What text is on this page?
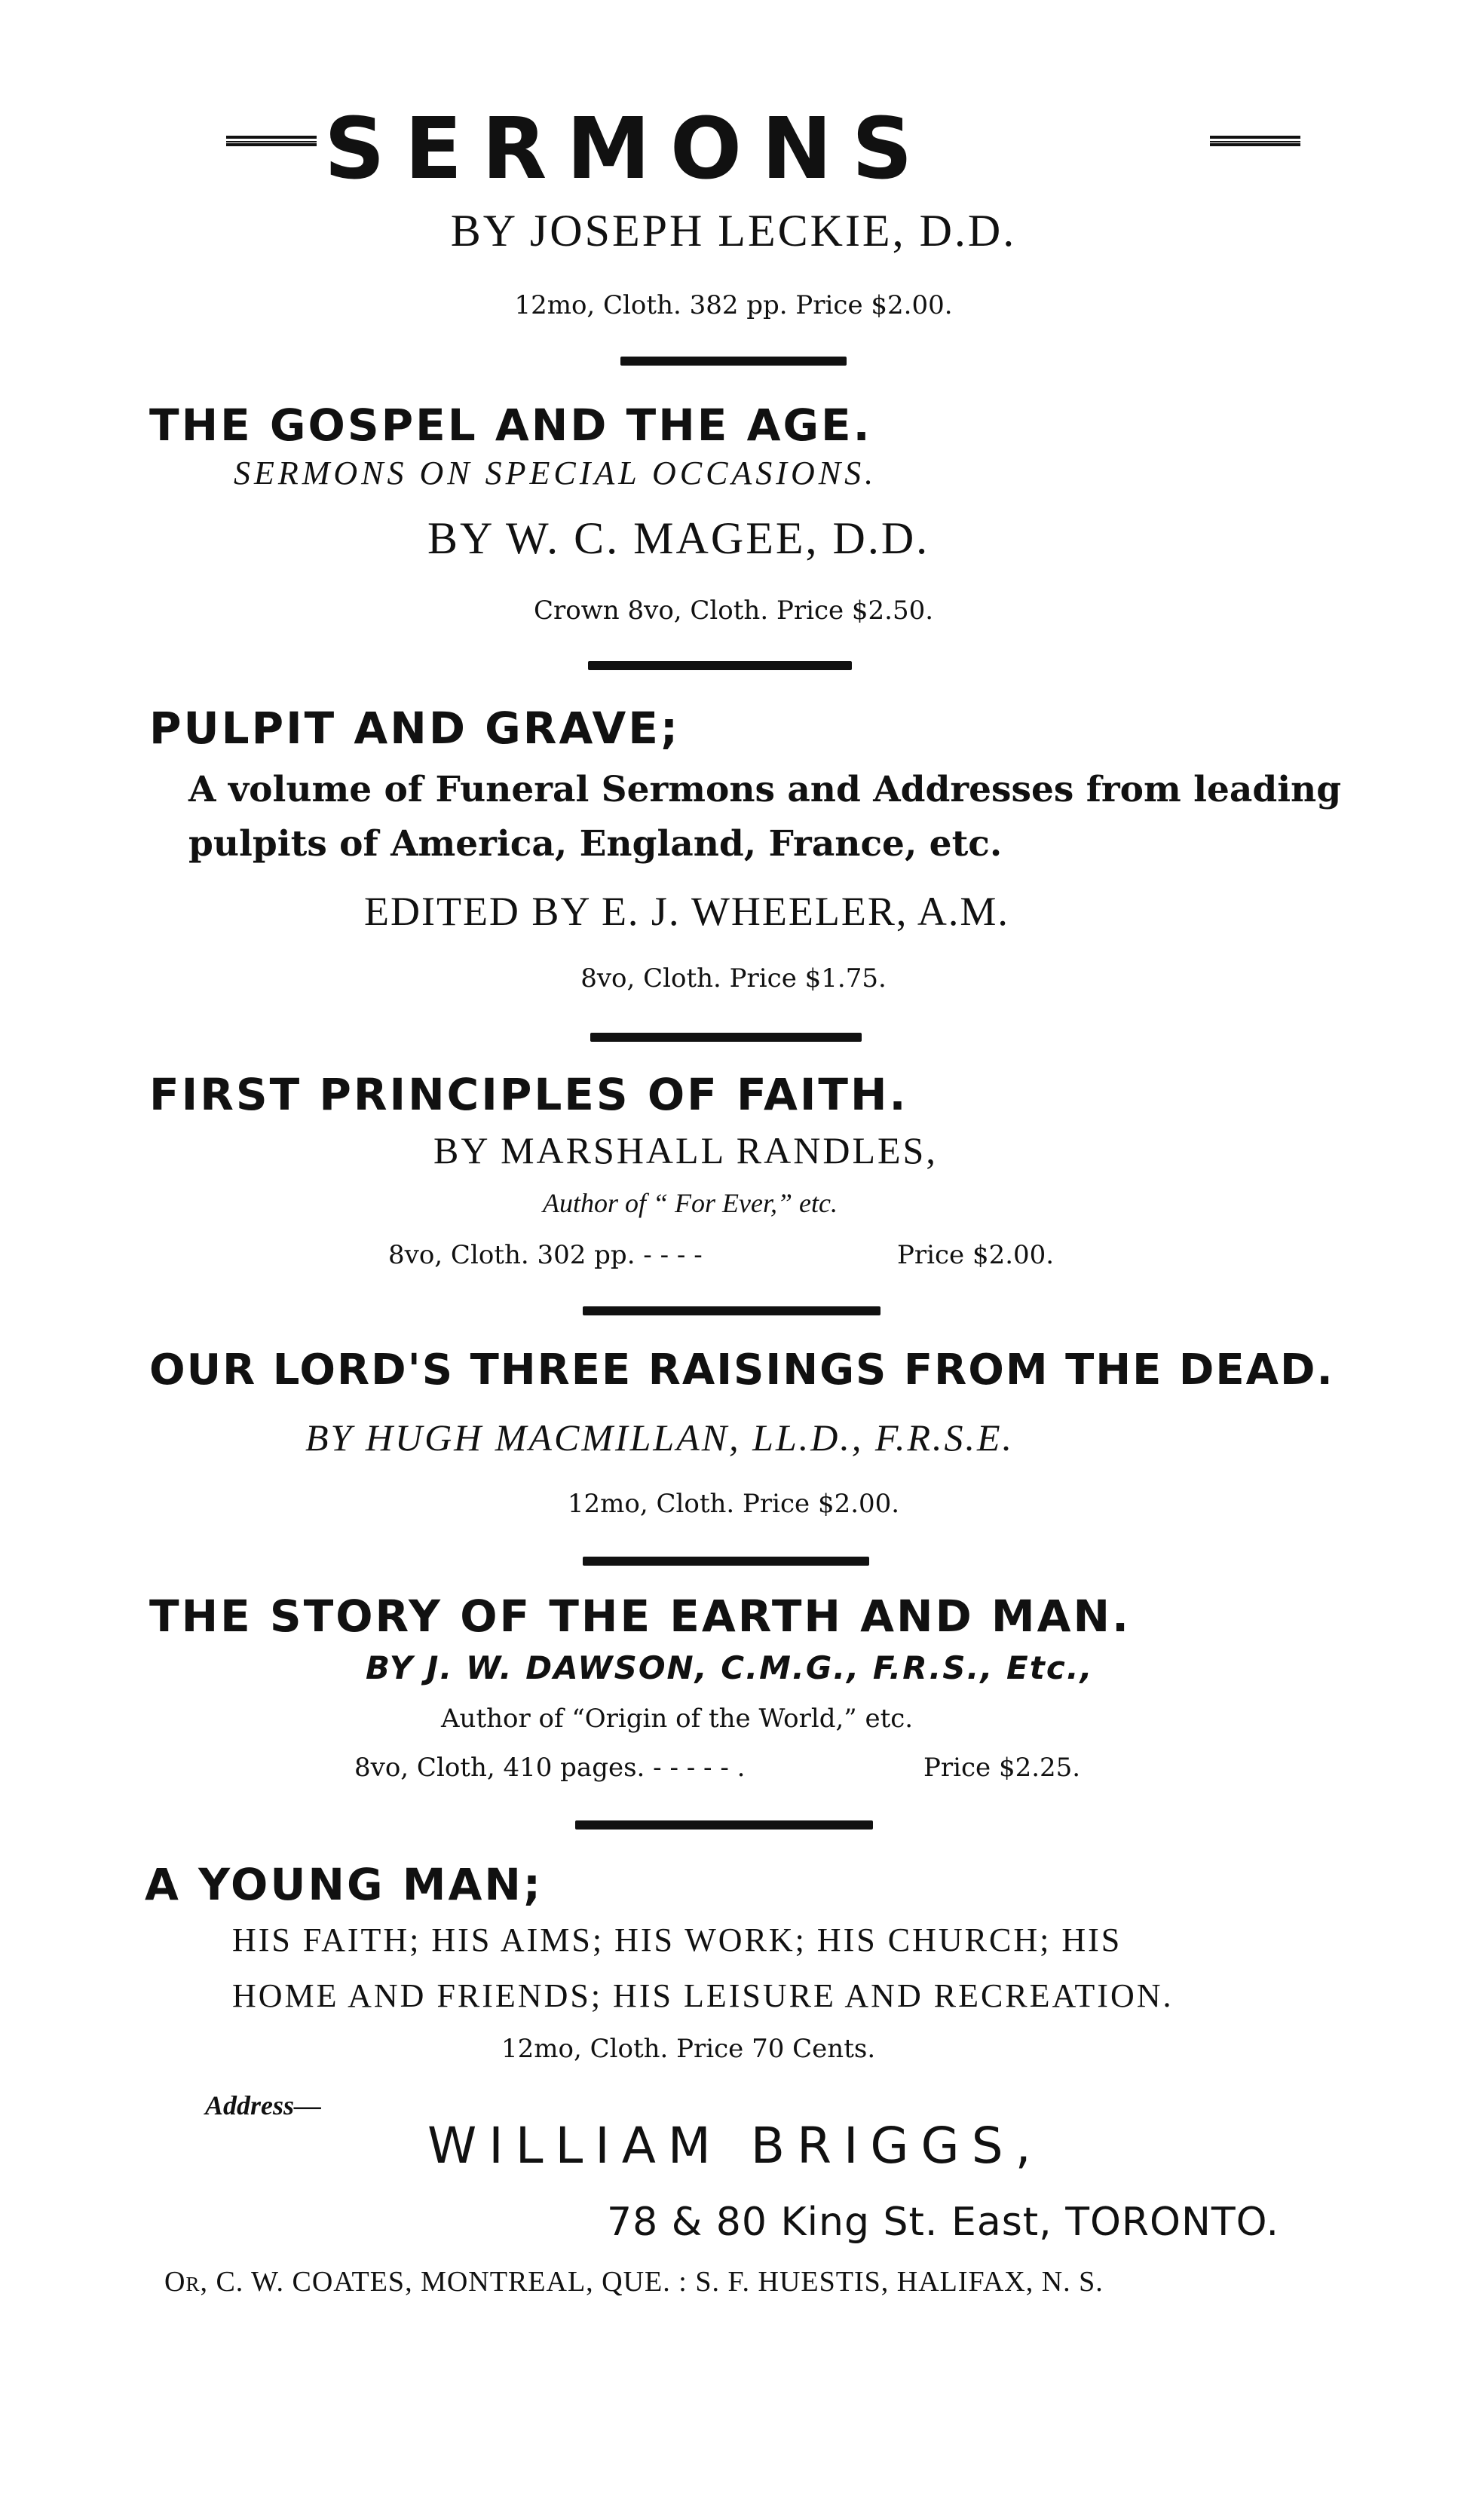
SERMONS
BY JOSEPH LECKIE, D.D.
12mo, Cloth. 382 pp. Price $2.00.
THE GOSPEL AND THE AGE.
SERMONS ON SPECIAL OCCASIONS.
BY W. C. MAGEE, D.D.
Crown 8vo, Cloth. Price $2.50.
PULPIT AND GRAVE;
A volume of Funeral Sermons and Addresses from leading
pulpits of America, England, France, etc.
EDITED BY E. J. WHEELER, A.M.
8vo, Cloth. Price $1.75.
FIRST PRINCIPLES OF FAITH.
BY MARSHALL RANDLES,
Author of “ For Ever,” etc.
8vo, Cloth. 302 pp. - - - -	Price $2.00.
OUR LORD'S THREE RAISINGS FROM THE DEAD.
BY HUGH MACMILLAN, LL.D., F.R.S.E.
12mo, Cloth. Price $2.00.
THE STORY OF THE EARTH AND MAN.
BY J. W. DAWSON, C.M.G., F.R.S., Etc.,
Author of “Origin of the World,” etc.
8vo, Cloth, 410 pages. - - - - - .	Price $2.25.
A YOUNG MAN;
HIS FAITH; HIS AIMS; HIS WORK; HIS CHURCH; HIS
HOME AND FRIENDS; HIS LEISURE AND RECREATION.
12mo, Cloth. Price 70 Cents.
Address—
WILLIAM BRIGGS,
78 & 80 King St. East, TORONTO.
Or, C. W. COATES, MONTREAL, QUE. : S. F. HUESTIS, HALIFAX, N. S.
